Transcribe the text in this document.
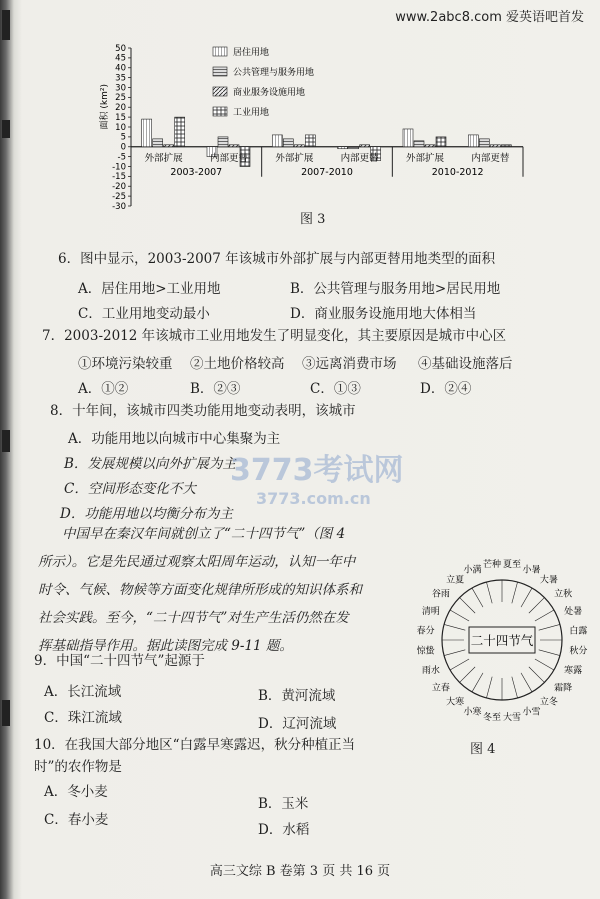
www.2abc8.com 爱英语吧首发
50
45
40
35
30
25
20
15
10
5
0
-5
-10
-15
-20
-25
-30
面积 (km²)
居住用地
公共管理与服务用地
商业服务设施用地
工业用地
外部扩展	内部更替	外部扩展	内部更替	外部扩展	内部更替
2003-2007	2007-2010	2010-2012
图 3
6．图中显示，2003-2007 年该城市外部扩展与内部更替用地类型的面积
A．居住用地>工业用地	B．公共管理与服务用地>居民用地
C．工业用地变动最小	D．商业服务设施用地大体相当
7．2003-2012 年该城市工业用地发生了明显变化，其主要原因是城市中心区
①环境污染较重 ②土地价格较高 ③远离消费市场 ④基础设施落后
A．①②	B．②③	C．①③	D．②④
8．十年间，该城市四类功能用地变动表明，该城市
A．功能用地以向城市中心集聚为主
B．发展规模以向外扩展为主
C．空间形态变化不大
D．功能用地以均衡分布为主
3773考试网
3773.com.cn
中国早在秦汉年间就创立了“二十四节气”（图 4
所示）。它是先民通过观察太阳周年运动，认知一年中
时令、气候、物候等方面变化规律所形成的知识体系和
社会实践。至今，“二十四节气”对生产生活仍然在发
挥基础指导作用。据此读图完成 9-11 题。	二十四节气
夏至
小暑
大暑
立秋
处暑
白露
秋分
寒露
霜降
立冬
小雪
大雪
冬至
小寒
大寒
立春
雨水
惊蛰
春分
清明
谷雨
立夏
小满
芒种
图 4
9．中国“二十四节气”起源于
A．长江流域	B．黄河流域
C．珠江流域	D．辽河流域
10．在我国大部分地区“白露早寒露迟，秋分种植正当
时”的农作物是
A．冬小麦
B．玉米
C．春小麦
D．水稻
高三文综 B 卷第 3 页 共 16 页
